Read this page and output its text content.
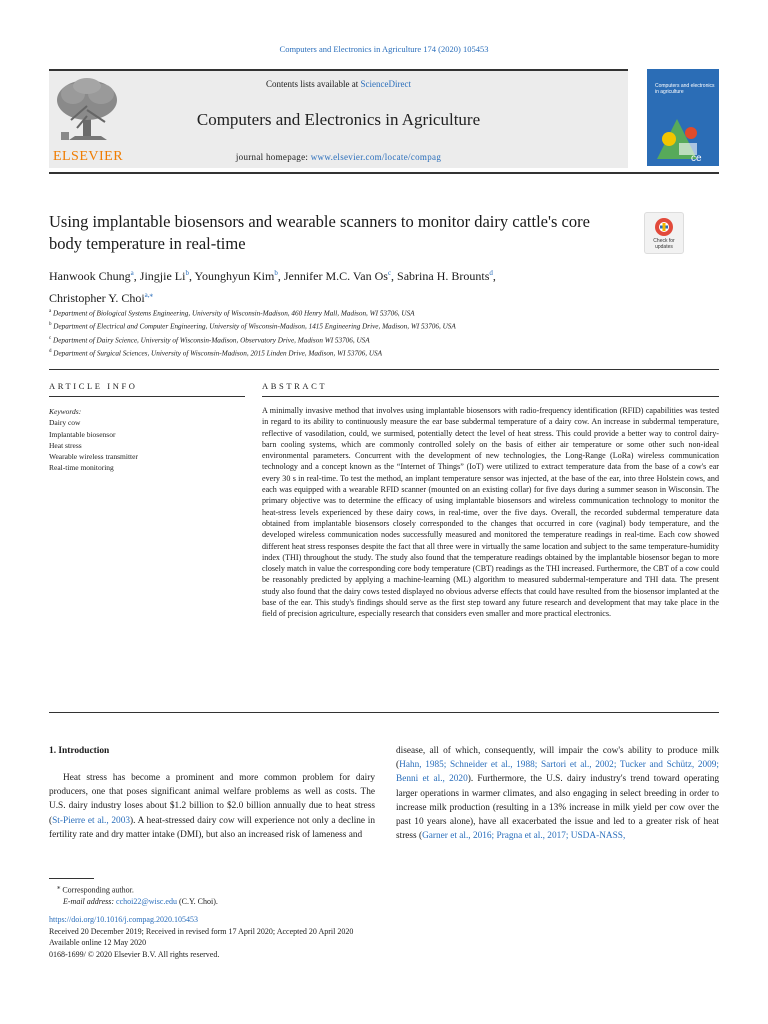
Computers and Electronics in Agriculture 174 (2020) 105453
ELSEVIER
Contents lists available at ScienceDirect
Computers and Electronics in Agriculture
journal homepage: www.elsevier.com/locate/compag
Computers and electronics in agriculture
ce
Using implantable biosensors and wearable scanners to monitor dairy cattle's core body temperature in real-time	Check for updates
Hanwook Chung$^a$, Jingjie Li$^b$, Younghyun Kim$^b$, Jennifer M.C. Van Os$^c$, Sabrina H. Brounts$^d$,
Christopher Y. Choi$^{a,⁎}$
$^a$ Department of Biological Systems Engineering, University of Wisconsin-Madison, 460 Henry Mall, Madison, WI 53706, USA
$^b$ Department of Electrical and Computer Engineering, University of Wisconsin-Madison, 1415 Engineering Drive, Madison, WI 53706, USA
$^c$ Department of Dairy Science, University of Wisconsin-Madison, Observatory Drive, Madison WI 53706, USA
$^d$ Department of Surgical Sciences, University of Wisconsin-Madison, 2015 Linden Drive, Madison, WI 53706, USA
ARTICLE INFO	ABSTRACT
Keywords:
Dairy cow
Implantable biosensor
Heat stress
Wearable wireless transmitter
Real-time monitoring
A minimally invasive method that involves using implantable biosensors with radio-frequency identification (RFID) capabilities was tested in regard to its ability to continuously measure the ear base subdermal temperature of a dairy cow. An increase in subdermal temperature, reflective of vasodilation, could, we surmised, potentially detect the level of heat stress. This could provide a better way to control dairy-barn cooling systems, which are commonly controlled solely on the basis of either air temperature or some other such non-ideal environmental parameters. Concurrent with the development of new technologies, the Long-Range (LoRa) wireless communication technology and a concept known as the “Internet of Things” (IoT) were utilized to extract temperature data from the base of a cow's ear every 30 s in real-time. To test the method, an implant temperature sensor was injected, at the base of the ear, into three Holstein cows, and each was equipped with a wearable RFID scanner (mounted on an existing collar) for five days during a summer season in Wisconsin. The primary objective was to determine the efficacy of using implantable biosensors and wireless communication technology to monitor the heat-stress levels experienced by these dairy cows, in real-time, over the five days. Overall, the recorded subdermal temperature data obtained from implantable biosensors closely corresponded to the changes that occurred in core (vaginal) body temperature, and the developed wireless communication nodes successfully measured and monitored the temperature readings in real-time. Each cow showed different heat stress responses despite the fact that all three were in virtually the same location and subject to the same temperature-humidity index (THI) throughout the study. The study also found that the temperature readings obtained by the implantable biosensor began to more closely match in value the corresponding core body temperature (CBT) readings as the THI increased. Furthermore, the CBT of a cow could be reasonably predicted by applying a machine-learning (ML) algorithm to measured subdermal-temperature and THI data. The present study also found that the dairy cows tested displayed no obvious adverse effects that could have resulted from the biosensor implanted at the base of the ear. This study's findings should serve as the first step toward any future research and development that may take place in the field of precision agriculture, especially research that considers even smaller and more practical electronics.
1. Introduction
Heat stress has become a prominent and more common problem for dairy producers, one that poses significant animal welfare problems as well as costs. The U.S. dairy industry loses about $1.2 billion to $2.0 billion annually due to heat stress (St-Pierre et al., 2003). A heat-stressed dairy cow will experience not only a decline in fertility rate and dry matter intake (DMI), but also an increased risk of lameness and
disease, all of which, consequently, will impair the cow's ability to produce milk (Hahn, 1985; Schneider et al., 1988; Sartori et al., 2002; Tucker and Schütz, 2009; Benni et al., 2020). Furthermore, the U.S. dairy industry's trend toward operating larger operations in warmer climates, and also engaging in select breeding in order to increase milk production (resulting in a 13% increase in milk yield per cow over the past 10 years alone), have all exacerbated the issue and led to a greater risk of heat stress (Garner et al., 2016; Pragna et al., 2017; USDA-NASS,
⁎ Corresponding author.
E-mail address: cchoi22@wisc.edu (C.Y. Choi).
https://doi.org/10.1016/j.compag.2020.105453
Received 20 December 2019; Received in revised form 17 April 2020; Accepted 20 April 2020
Available online 12 May 2020
0168-1699/ © 2020 Elsevier B.V. All rights reserved.
